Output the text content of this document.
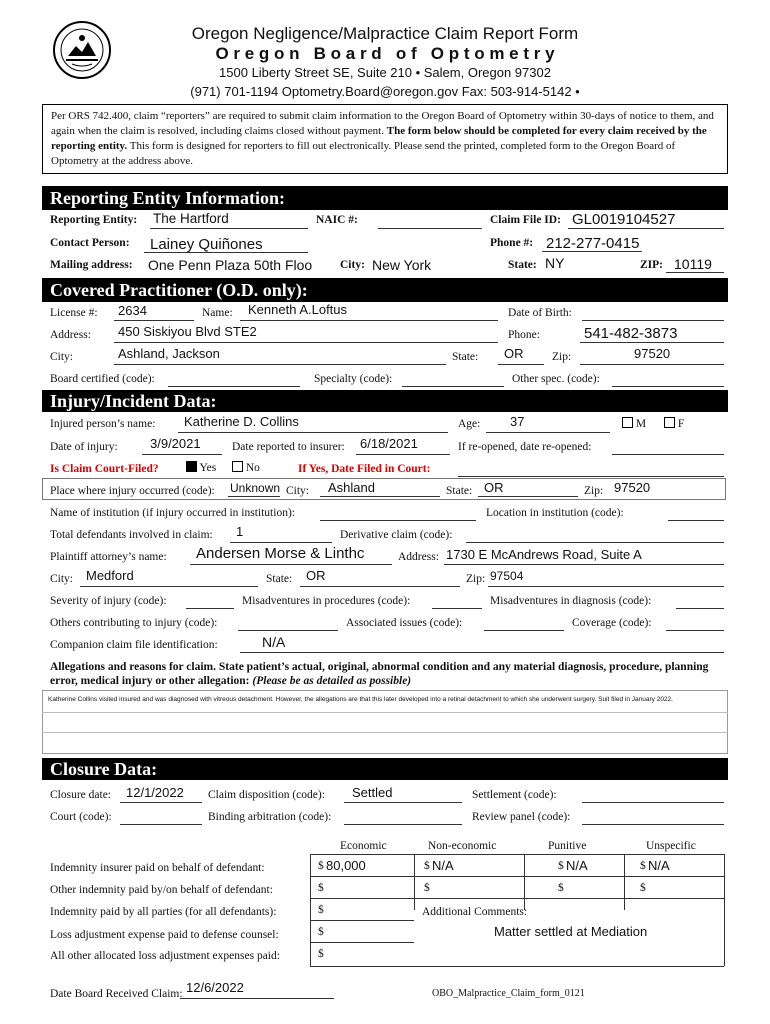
Oregon Negligence/Malpractice Claim Report Form
O r e g o n   B o a r d   o f   O p t o m e t r y
1500 Liberty Street SE, Suite 210 • Salem, Oregon 97302
(971) 701-1194 Optometry.Board@oregon.gov Fax: 503-914-5142 •
Per ORS 742.400, claim “reporters” are required to submit claim information to the Oregon Board of Optometry within 30-days of notice to them, and again when the claim is resolved, including claims closed without payment. The form below should be completed for every claim received by the reporting entity. This form is designed for reporters to fill out electronically. Please send the printed, completed form to the Oregon Board of Optometry at the address above.
Reporting Entity Information:
Reporting Entity: The Hartford	NAIC #:	Claim File ID: GL0019104527
Contact Person: Lainey Quiñones	Phone #: 212-277-0415
Mailing address: One Penn Plaza 50th Floo City: New York	State: NY	ZIP: 10119
Covered Practitioner (O.D. only):
License #: 2634	Name: Kenneth A.Loftus	Date of Birth:
Address: 450 Siskiyou Blvd STE2	Phone:	541-482-3873
City:	Ashland, Jackson	State: OR Zip:	97520
Board certified (code):	Specialty (code):	Other spec. (code):
Injury/Incident Data:
Injured person’s name: Katherine D. Collins	Age: 37	M	F
Date of injury: 3/9/2021	Date reported to insurer: 6/18/2021	If re-opened, date re-opened:
Is Claim Court-Filed?	Yes	No	If Yes, Date Filed in Court:
Place where injury occurred (code): Unknown City: Ashland	State: OR	Zip: 97520
Name of institution (if injury occurred in institution):	Location in institution (code):
Total defendants involved in claim: 1	Derivative claim (code):
Plaintiff attorney’s name: Andersen Morse & Linthc	Address: 1730 E McAndrews Road, Suite A
City: Medford	State: OR	Zip: 97504
Severity of injury (code):	Misadventures in procedures (code):	Misadventures in diagnosis (code):
Others contributing to injury (code):	Associated issues (code):	Coverage (code):
Companion claim file identification:	N/A
Allegations and reasons for claim. State patient’s actual, original, abnormal condition and any material diagnosis, procedure, planning error, medical injury or other allegation: (Please be as detailed as possible)
Katherine Collins visited insured and was diagnosed with vitreous detachment. However, the allegations are that this later developed into a retinal detachment to which she underwent surgery. Suit filed in January 2022.
Closure Data:
Closure date: 12/1/2022 Claim disposition (code): Settled	Settlement (code):
Court (code):	Binding arbitration (code):	Review panel (code):
Economic	Non-economic	Punitive	Unspecific
Indemnity insurer paid on behalf of defendant:	$ 80,000	$ N/A	$ N/A	$ N/A
Other indemnity paid by/on behalf of defendant:	$	$	$	$
Indemnity paid by all parties (for all defendants):	$	Additional Comments:
Loss adjustment expense paid to defense counsel:	$	Matter settled at Mediation
All other allocated loss adjustment expenses paid:	$
Date Board Received Claim: 12/6/2022	OBO_Malpractice_Claim_form_0121
